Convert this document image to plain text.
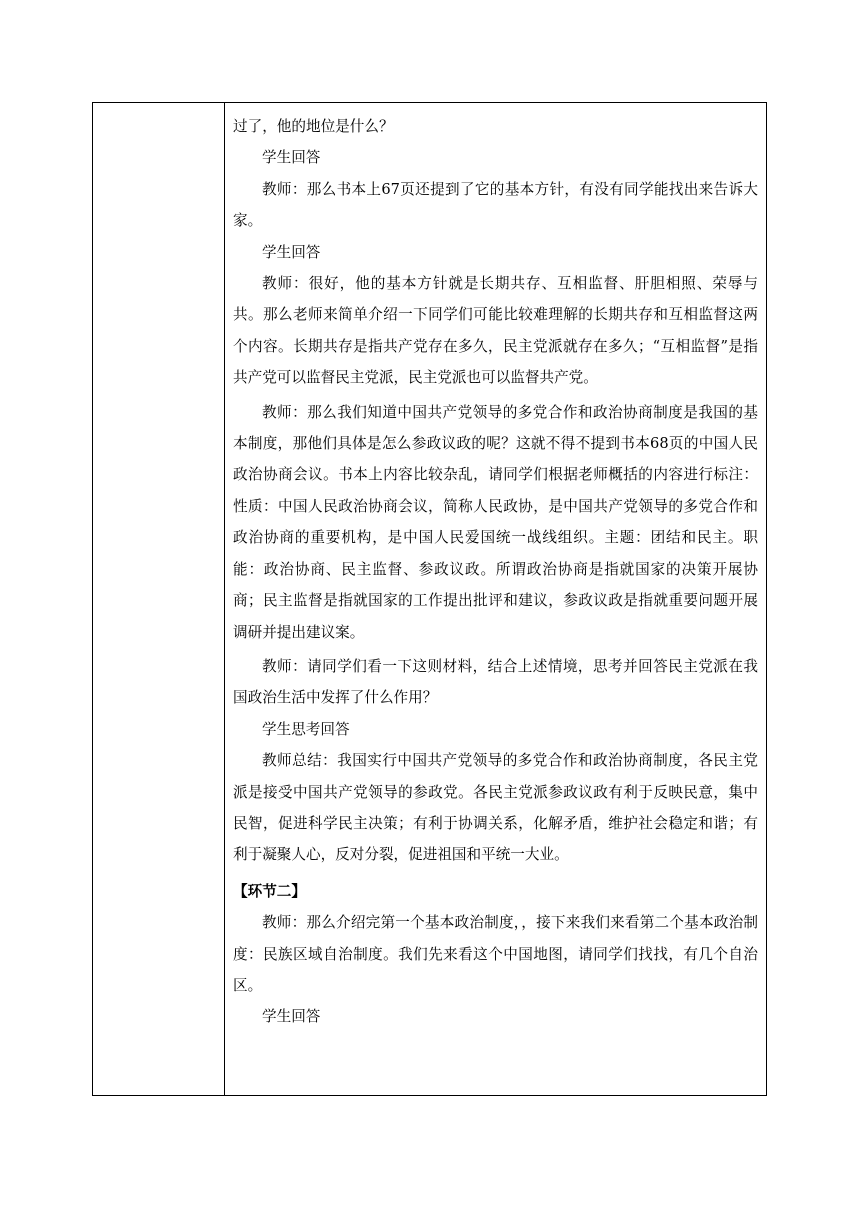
过了，他的地位是什么？

学生回答

教师：那么书本上67页还提到了它的基本方针，有没有同学能找出来告诉大家。

学生回答

教师：很好，他的基本方针就是长期共存、互相监督、肝胆相照、荣辱与共。那么老师来简单介绍一下同学们可能比较难理解的长期共存和互相监督这两个内容。长期共存是指共产党存在多久，民主党派就存在多久；“互相监督”是指共产党可以监督民主党派，民主党派也可以监督共产党。

教师：那么我们知道中国共产党领导的多党合作和政治协商制度是我国的基本制度，那他们具体是怎么参政议政的呢？这就不得不提到书本68页的中国人民政治协商会议。书本上内容比较杂乱，请同学们根据老师概括的内容进行标注：性质：中国人民政治协商会议，简称人民政协，是中国共产党领导的多党合作和政治协商的重要机构，是中国人民爱国统一战线组织。主题：团结和民主。职能：政治协商、民主监督、参政议政。所谓政治协商是指就国家的决策开展协商；民主监督是指就国家的工作提出批评和建议，参政议政是指就重要问题开展调研并提出建议案。

教师：请同学们看一下这则材料，结合上述情境，思考并回答民主党派在我国政治生活中发挥了什么作用？

学生思考回答

教师总结：我国实行中国共产党领导的多党合作和政治协商制度，各民主党派是接受中国共产党领导的参政党。各民主党派参政议政有利于反映民意，集中民智，促进科学民主决策；有利于协调关系，化解矛盾，维护社会稳定和谐；有利于凝聚人心，反对分裂，促进祖国和平统一大业。

【环节二】

教师：那么介绍完第一个基本政治制度，，接下来我们来看第二个基本政治制度：民族区域自治制度。我们先来看这个中国地图，请同学们找找，有几个自治区。

学生回答
